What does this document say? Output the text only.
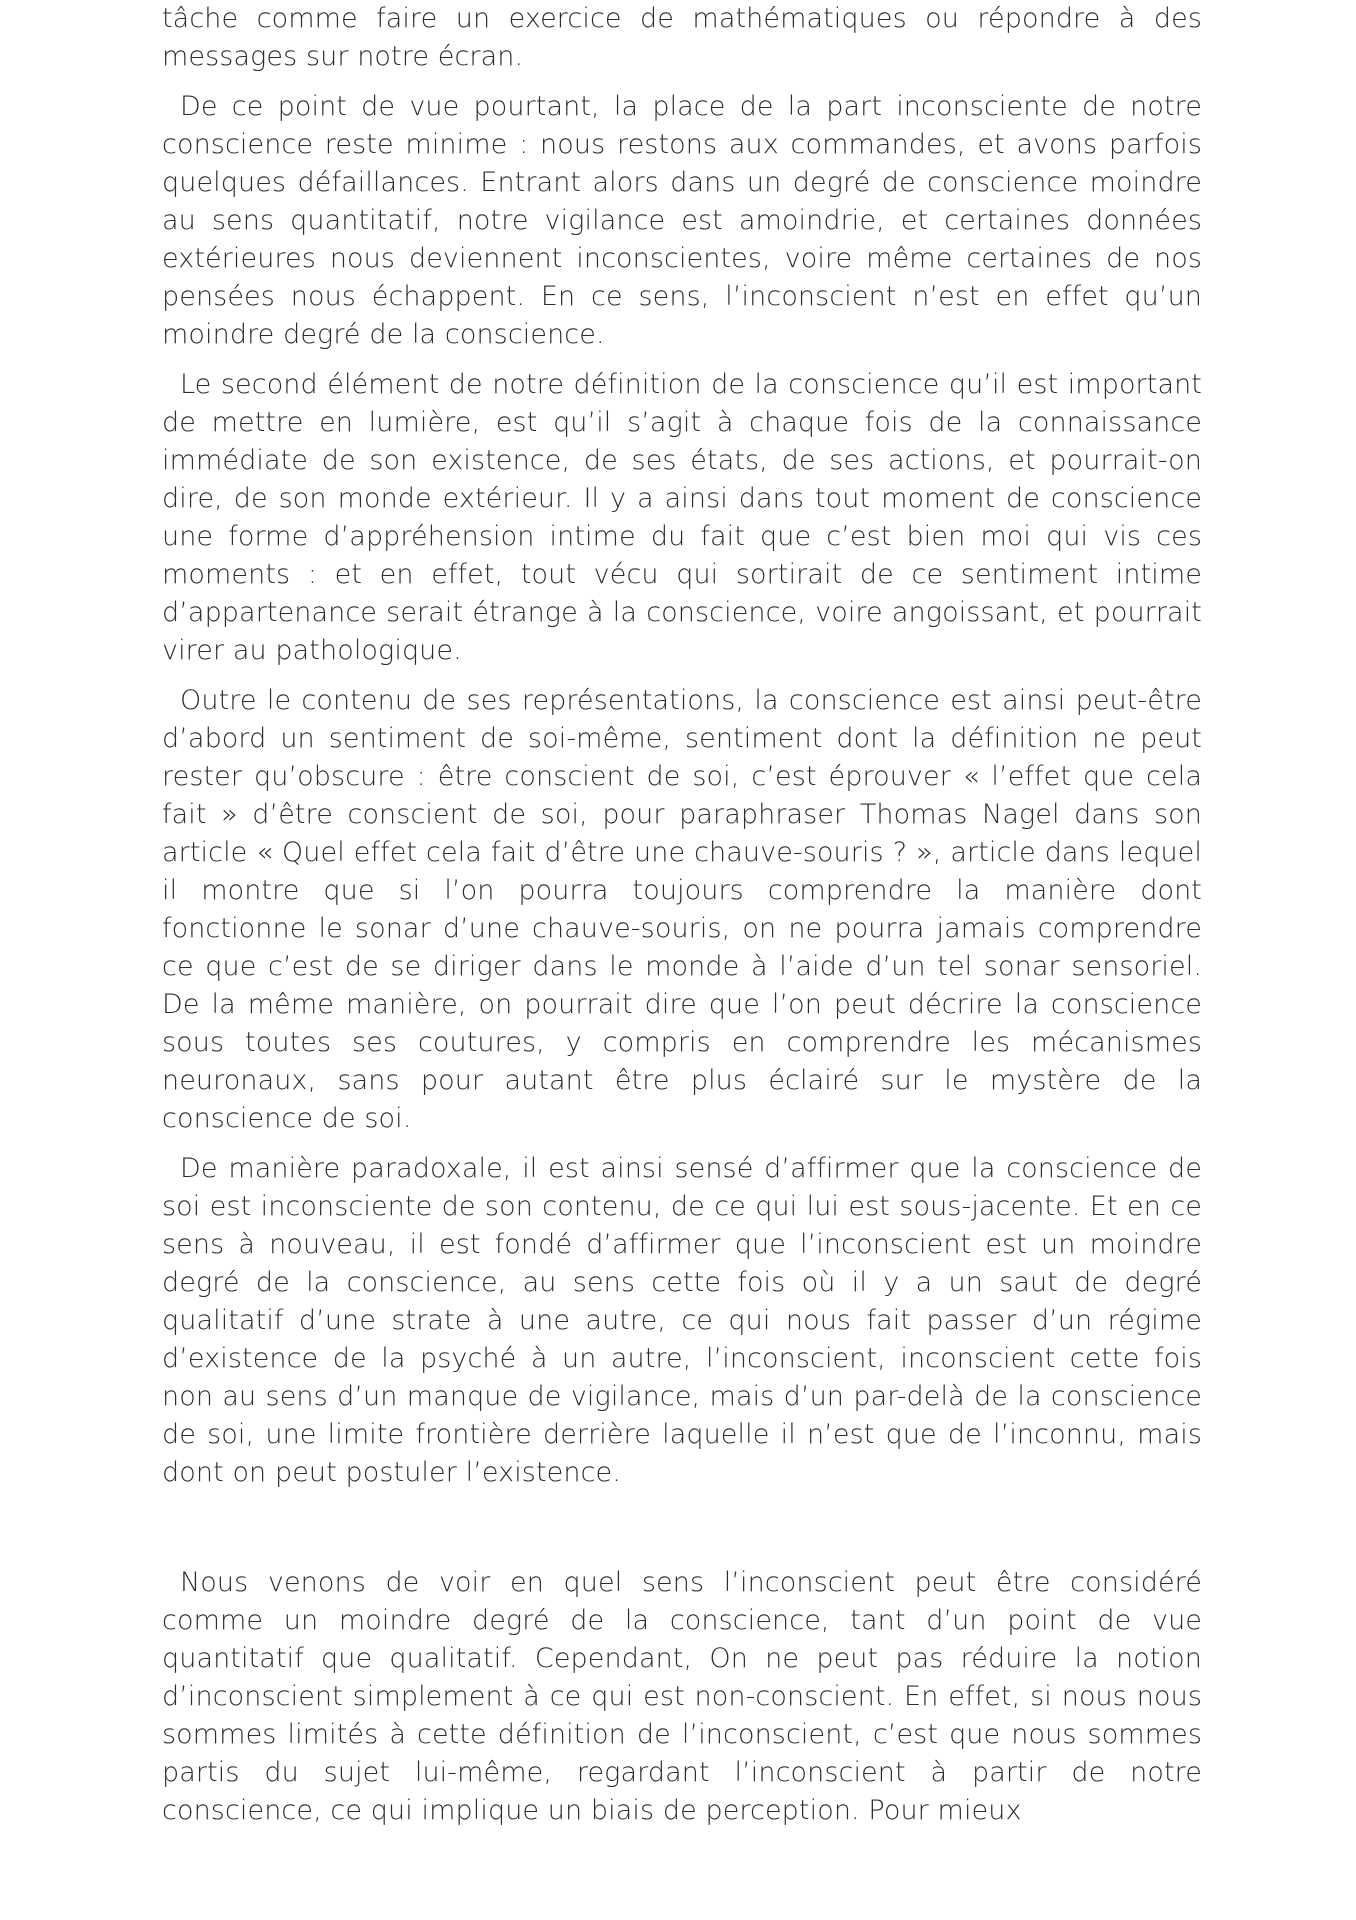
tâche comme faire un exercice de mathématiques ou répondre à des messages sur notre écran.

De ce point de vue pourtant, la place de la part inconsciente de notre conscience reste minime : nous restons aux commandes, et avons parfois quelques défaillances. Entrant alors dans un degré de conscience moindre au sens quantitatif, notre vigilance est amoindrie, et certaines données extérieures nous deviennent inconscientes, voire même certaines de nos pensées nous échappent. En ce sens, l’inconscient n’est en effet qu’un moindre degré de la conscience.

Le second élément de notre définition de la conscience qu’il est important de mettre en lumière, est qu’il s’agit à chaque fois de la connaissance immédiate de son existence, de ses états, de ses actions, et pourrait-on dire, de son monde extérieur. Il y a ainsi dans tout moment de conscience une forme d’appréhension intime du fait que c’est bien moi qui vis ces moments : et en effet, tout vécu qui sortirait de ce sentiment intime d’appartenance serait étrange à la conscience, voire angoissant, et pourrait virer au pathologique.

Outre le contenu de ses représentations, la conscience est ainsi peut-être d’abord un sentiment de soi-même, sentiment dont la définition ne peut rester qu’obscure : être conscient de soi, c’est éprouver « l’effet que cela fait » d’être conscient de soi, pour paraphraser Thomas Nagel dans son article « Quel effet cela fait d’être une chauve-souris ? », article dans lequel il montre que si l’on pourra toujours comprendre la manière dont fonctionne le sonar d’une chauve-souris, on ne pourra jamais comprendre ce que c’est de se diriger dans le monde à l’aide d’un tel sonar sensoriel. De la même manière, on pourrait dire que l’on peut décrire la conscience sous toutes ses coutures, y compris en comprendre les mécanismes neuronaux, sans pour autant être plus éclairé sur le mystère de la conscience de soi.

De manière paradoxale, il est ainsi sensé d’affirmer que la conscience de soi est inconsciente de son contenu, de ce qui lui est sous-jacente. Et en ce sens à nouveau, il est fondé d’affirmer que l’inconscient est un moindre degré de la conscience, au sens cette fois où il y a un saut de degré qualitatif d’une strate à une autre, ce qui nous fait passer d’un régime d’existence de la psyché à un autre, l’inconscient, inconscient cette fois non au sens d’un manque de vigilance, mais d’un par-delà de la conscience de soi, une limite frontière derrière laquelle il n’est que de l’inconnu, mais dont on peut postuler l’existence.

Nous venons de voir en quel sens l’inconscient peut être considéré comme un moindre degré de la conscience, tant d’un point de vue quantitatif que qualitatif. Cependant, On ne peut pas réduire la notion d’inconscient simplement à ce qui est non-conscient. En effet, si nous nous sommes limités à cette définition de l’inconscient, c’est que nous sommes partis du sujet lui-même, regardant l’inconscient à partir de notre conscience, ce qui implique un biais de perception. Pour mieux
